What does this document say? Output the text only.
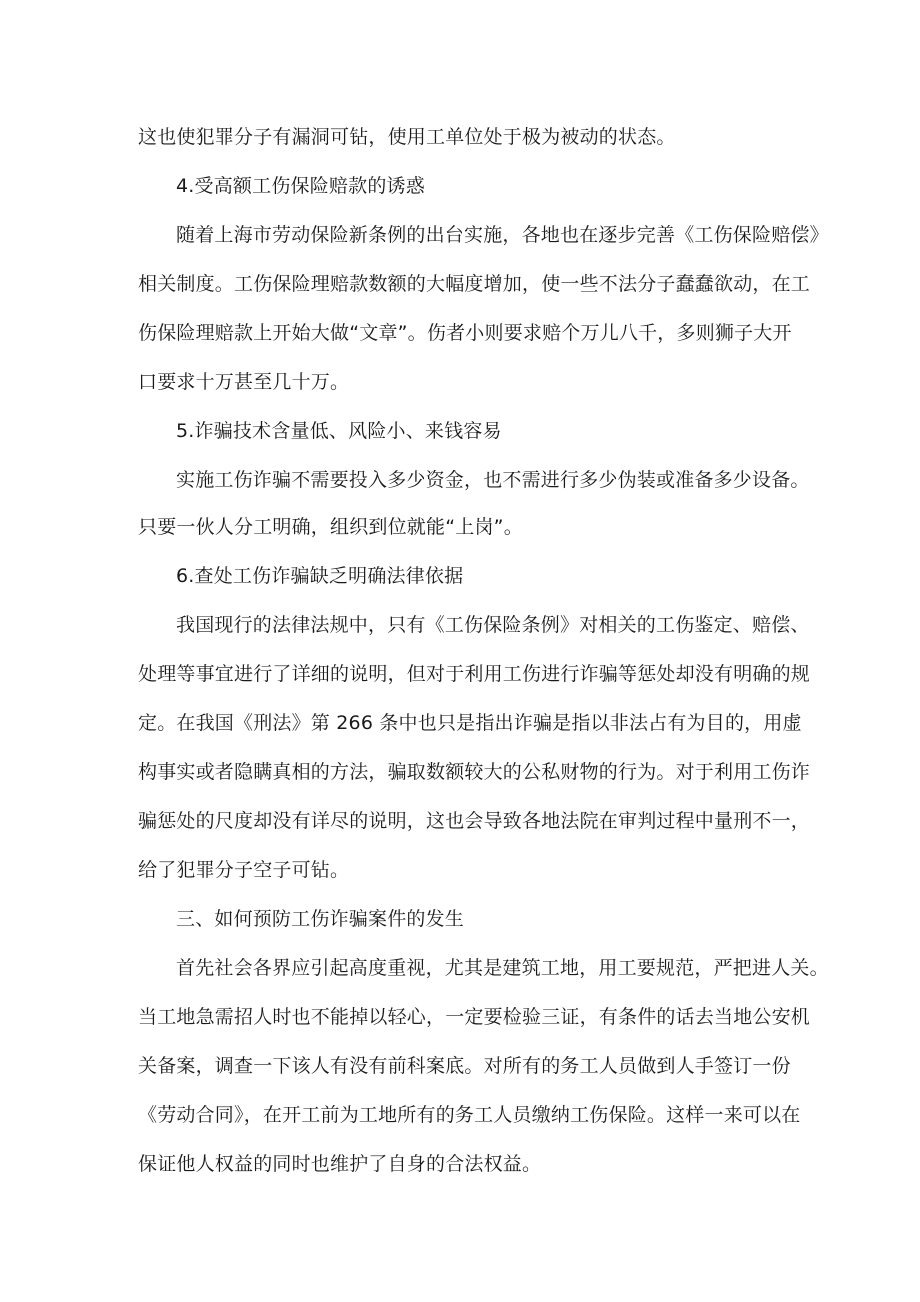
这也使犯罪分子有漏洞可钻，使用工单位处于极为被动的状态。
4.受高额工伤保险赔款的诱惑
随着上海市劳动保险新条例的出台实施，各地也在逐步完善《工伤保险赔偿》
相关制度。工伤保险理赔款数额的大幅度增加，使一些不法分子蠢蠢欲动，在工
伤保险理赔款上开始大做“文章”。伤者小则要求赔个万儿八千，多则狮子大开
口要求十万甚至几十万。
5.诈骗技术含量低、风险小、来钱容易
实施工伤诈骗不需要投入多少资金，也不需进行多少伪装或准备多少设备。
只要一伙人分工明确，组织到位就能“上岗”。
6.查处工伤诈骗缺乏明确法律依据
我国现行的法律法规中，只有《工伤保险条例》对相关的工伤鉴定、赔偿、
处理等事宜进行了详细的说明，但对于利用工伤进行诈骗等惩处却没有明确的规
定。在我国《刑法》第 266 条中也只是指出诈骗是指以非法占有为目的，用虚
构事实或者隐瞒真相的方法，骗取数额较大的公私财物的行为。对于利用工伤诈
骗惩处的尺度却没有详尽的说明，这也会导致各地法院在审判过程中量刑不一，
给了犯罪分子空子可钻。
三、如何预防工伤诈骗案件的发生
首先社会各界应引起高度重视，尤其是建筑工地，用工要规范，严把进人关。
当工地急需招人时也不能掉以轻心，一定要检验三证，有条件的话去当地公安机
关备案，调查一下该人有没有前科案底。对所有的务工人员做到人手签订一份
《劳动合同》，在开工前为工地所有的务工人员缴纳工伤保险。这样一来可以在
保证他人权益的同时也维护了自身的合法权益。
